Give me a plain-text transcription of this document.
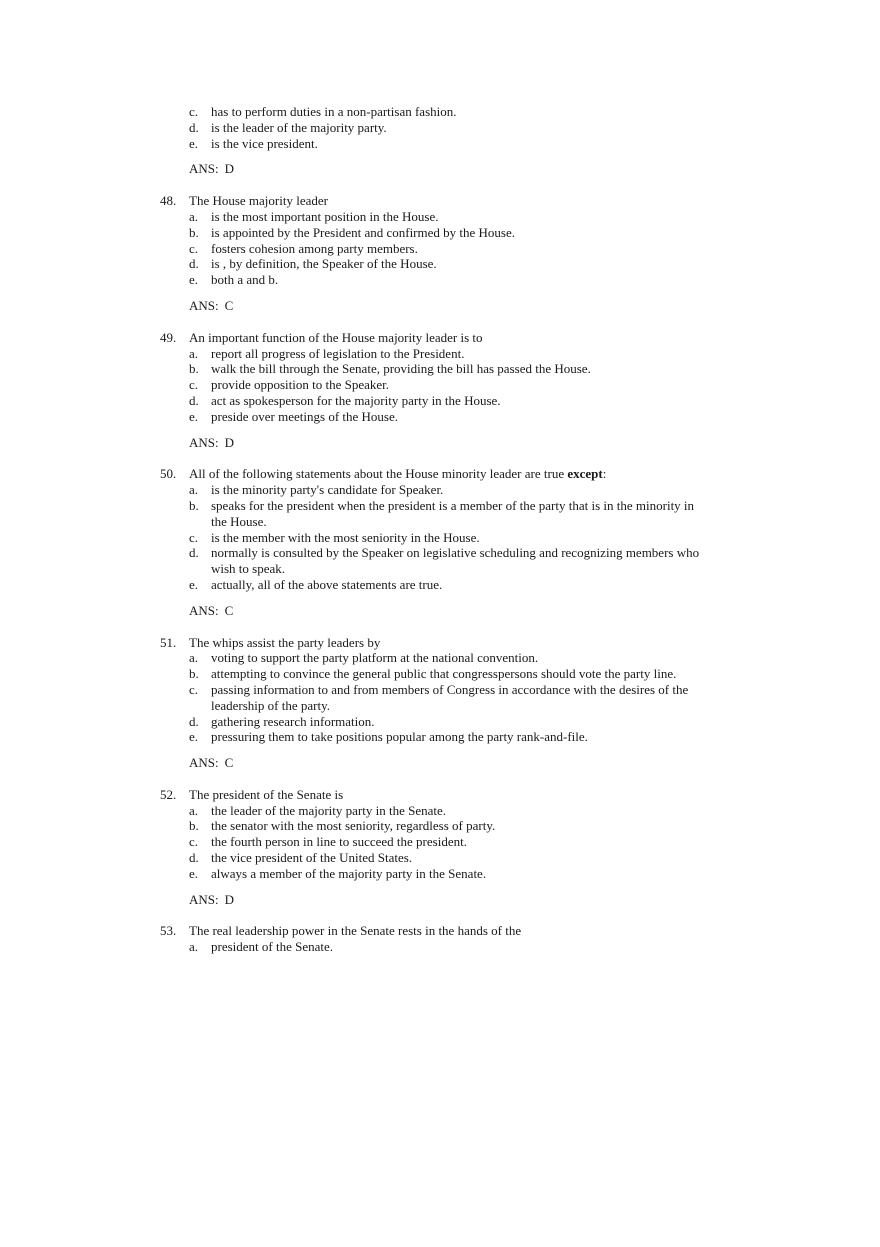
c. has to perform duties in a non-partisan fashion.
d. is the leader of the majority party.
e. is the vice president.
ANS: D
48. The House majority leader
a. is the most important position in the House.
b. is appointed by the President and confirmed by the House.
c. fosters cohesion among party members.
d. is , by definition, the Speaker of the House.
e. both a and b.
ANS: C
49. An important function of the House majority leader is to
a. report all progress of legislation to the President.
b. walk the bill through the Senate, providing the bill has passed the House.
c. provide opposition to the Speaker.
d. act as spokesperson for the majority party in the House.
e. preside over meetings of the House.
ANS: D
50. All of the following statements about the House minority leader are true except:
a. is the minority party's candidate for Speaker.
b. speaks for the president when the president is a member of the party that is in the minority in the House.
c. is the member with the most seniority in the House.
d. normally is consulted by the Speaker on legislative scheduling and recognizing members who wish to speak.
e. actually, all of the above statements are true.
ANS: C
51. The whips assist the party leaders by
a. voting to support the party platform at the national convention.
b. attempting to convince the general public that congresspersons should vote the party line.
c. passing information to and from members of Congress in accordance with the desires of the leadership of the party.
d. gathering research information.
e. pressuring them to take positions popular among the party rank-and-file.
ANS: C
52. The president of the Senate is
a. the leader of the majority party in the Senate.
b. the senator with the most seniority, regardless of party.
c. the fourth person in line to succeed the president.
d. the vice president of the United States.
e. always a member of the majority party in the Senate.
ANS: D
53. The real leadership power in the Senate rests in the hands of the
a. president of the Senate.
